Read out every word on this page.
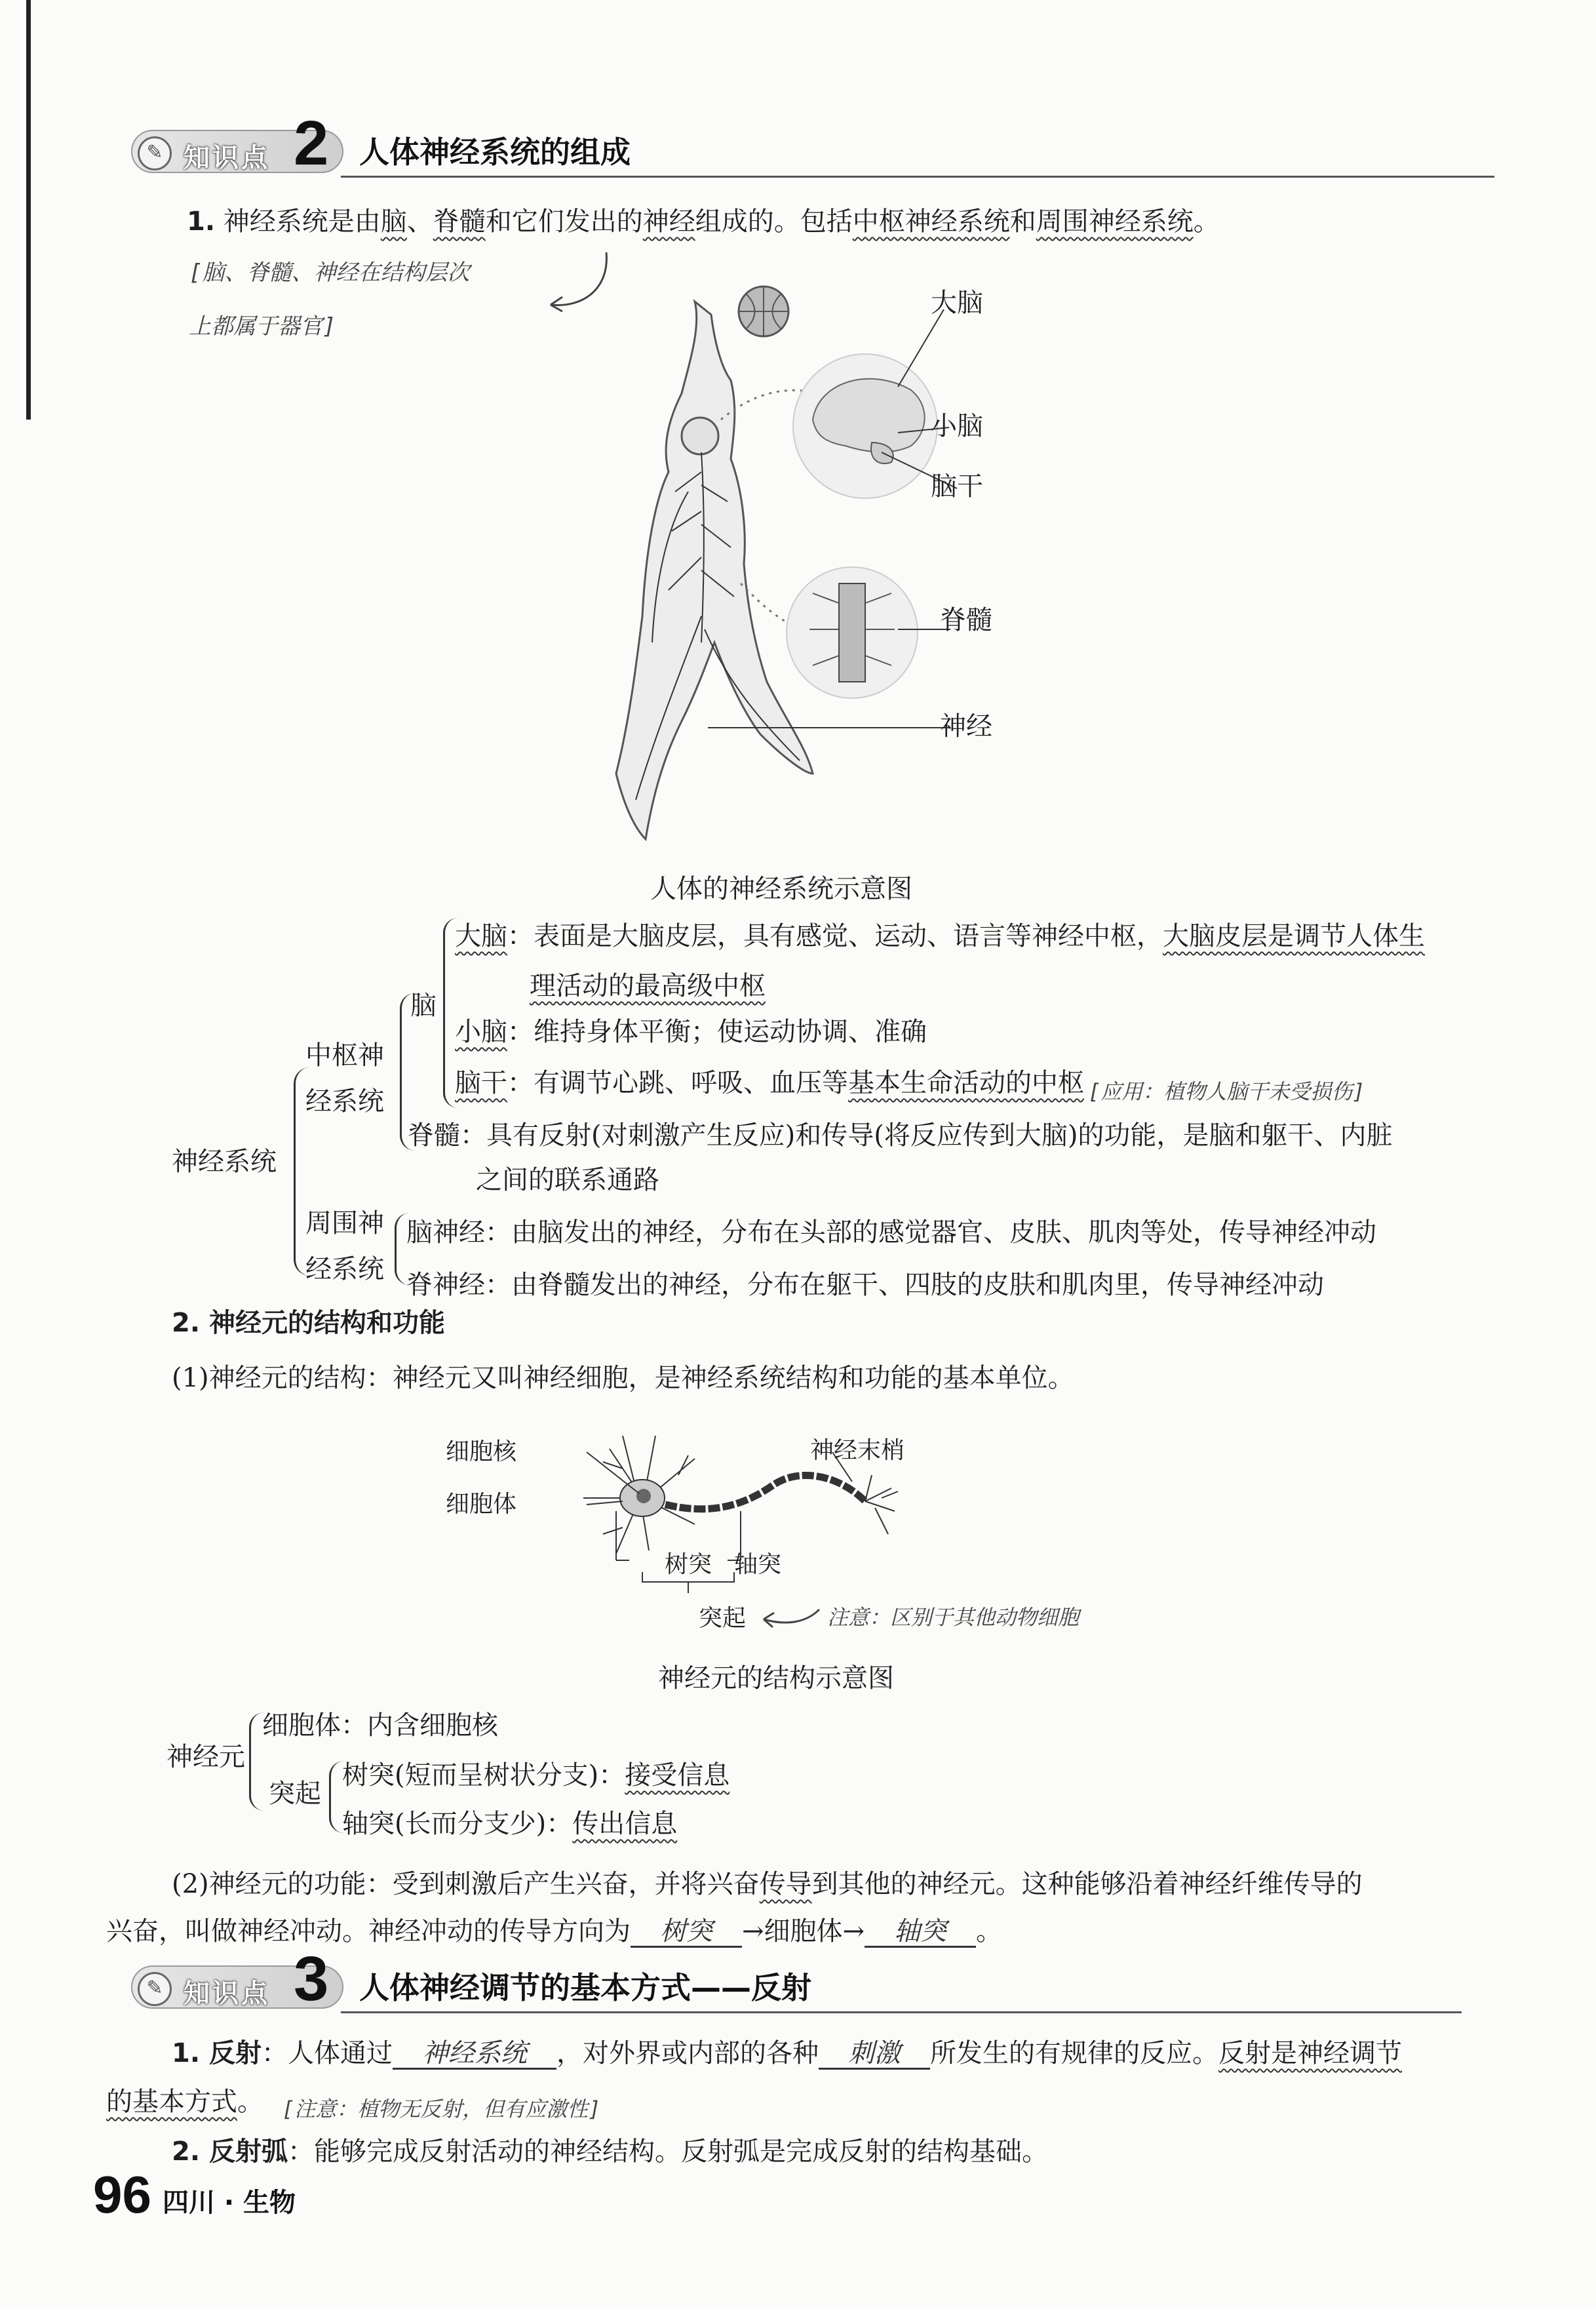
✎ 知识点 2 人体神经系统的组成
1. 神经系统是由脑、脊髓和它们发出的神经组成的。包括中枢神经系统和周围神经系统。
[脑、脊髓、神经在结构层次
上都属于器官]
大脑
小脑
脑干
脊髓
神经
人体的神经系统示意图
神经系统
中枢神
经系统
脑
大脑：表面是大脑皮层，具有感觉、运动、语言等神经中枢，大脑皮层是调节人体生
理活动的最高级中枢
小脑：维持身体平衡；使运动协调、准确
脑干：有调节心跳、呼吸、血压等基本生命活动的中枢 [应用：植物人脑干未受损伤]
脊髓：具有反射(对刺激产生反应)和传导(将反应传到大脑)的功能，是脑和躯干、内脏
之间的联系通路
周围神
经系统
脑神经：由脑发出的神经，分布在头部的感觉器官、皮肤、肌肉等处，传导神经冲动
脊神经：由脊髓发出的神经，分布在躯干、四肢的皮肤和肌肉里，传导神经冲动
2. 神经元的结构和功能
(1)神经元的结构：神经元又叫神经细胞，是神经系统结构和功能的基本单位。
细胞核
细胞体
神经末梢
树突 轴突
突起	注意：区别于其他动物细胞
神经元的结构示意图
神经元
细胞体：内含细胞核
突起
树突(短而呈树状分支)：接受信息
轴突(长而分支少)：传出信息
(2)神经元的功能：受到刺激后产生兴奋，并将兴奋传导到其他的神经元。这种能够沿着神经纤维传导的
兴奋，叫做神经冲动。神经冲动的传导方向为 树突 →细胞体→ 轴突 。
✎ 知识点 3 人体神经调节的基本方式——反射
1. 反射：人体通过 神经系统 ，对外界或内部的各种 刺激 所发生的有规律的反应。反射是神经调节
的基本方式。 [注意：植物无反射，但有应激性]
2. 反射弧：能够完成反射活动的神经结构。反射弧是完成反射的结构基础。
96 四川 · 生物
